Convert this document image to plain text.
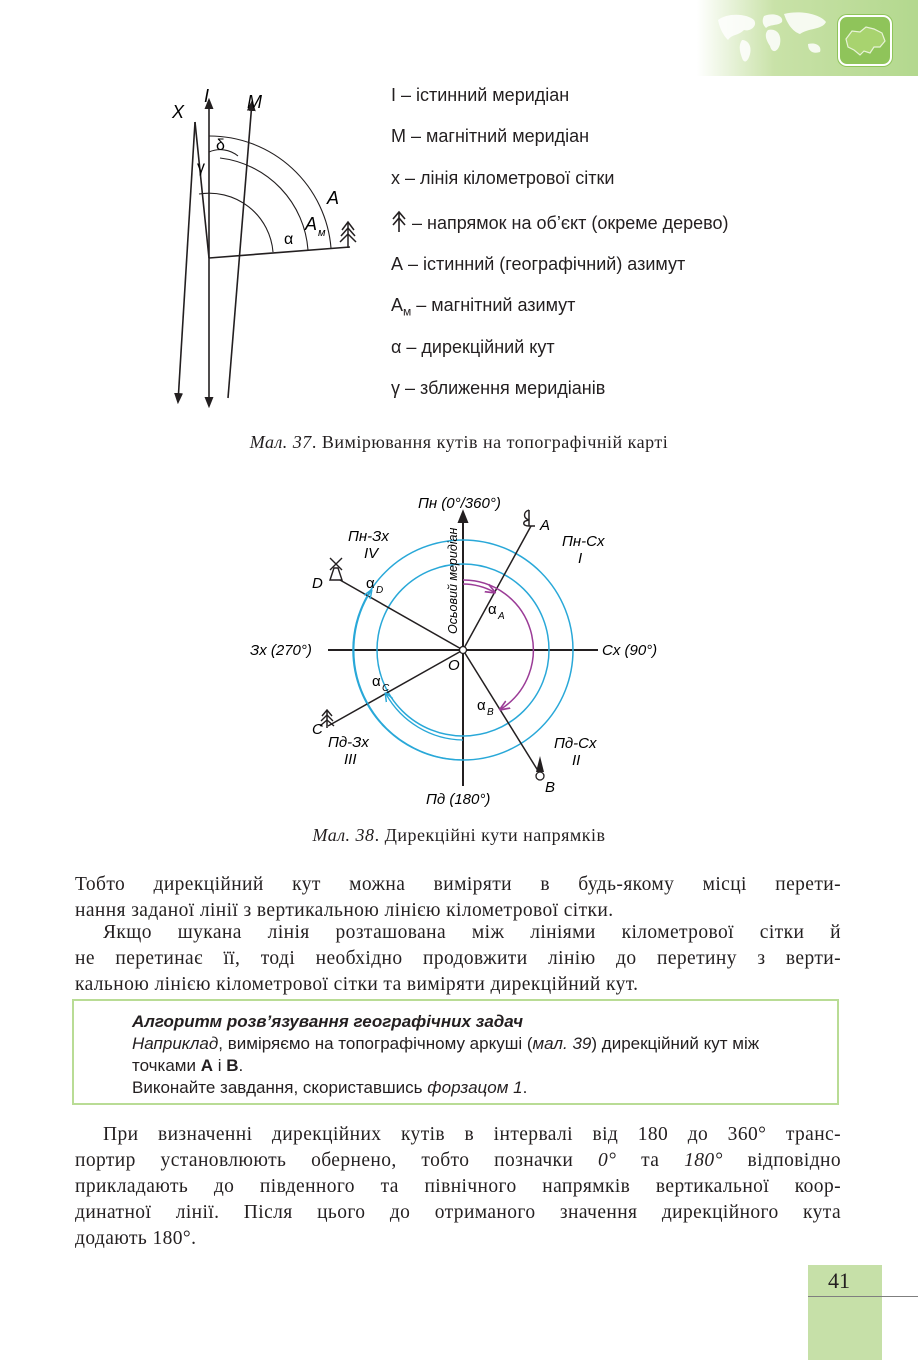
I M
X
δ
γ
α
A
A м
I – істинний меридіан
М – магнітний меридіан
х – лінія кілометрової сітки
– напрямок на об’єкт (окреме дерево)
А – істинний (географічний) азимут
$А_м$ – магнітний азимут
α – дирекційний кут
γ – зближення меридіанів
Мал. 37. Вимірювання кутів на топографічній карті
Пн (0°/360°)
Пд (180°)
Сх (90°)
Зх (270°)
Пн-Сх
I
Пд-Сх
II
Пд-Зх
III
Пн-Зх
IV	Осьовий меридіан
O
A
B
C
D
α A
α B
α C
α D
Мал. 38. Дирекційні кути напрямків
Тобто дирекційний кут можна виміряти в будь-якому місці перети-
нання заданої лінії з вертикальною лінією кілометрової сітки.
Якщо шукана лінія розташована між лініями кілометрової сітки й
не перетинає її, тоді необхідно продовжити лінію до перетину з верти-
кальною лінією кілометрової сітки та виміряти дирекційний кут.
Алгоритм розв’язування географічних задач
Наприклад, виміряємо на топографічному аркуші (мал. 39) дирекційний кут між
точками А і В.
Виконайте завдання, скориставшись форзацом 1.
При визначенні дирекційних кутів в інтервалі від 180 до 360° транс-
портир установлюють обернено, тобто позначки 0° та 180° відповідно
прикладають до південного та північного напрямків вертикальної коор-
динатної лінії. Після цього до отриманого значення дирекційного кута
додають 180°.
41
